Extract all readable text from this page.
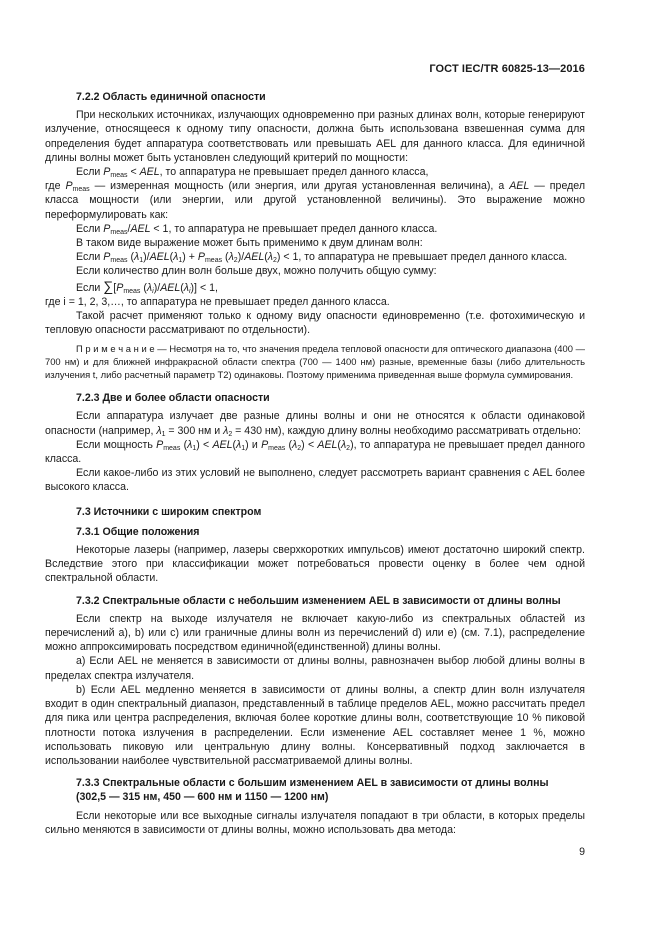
ГОСТ IEC/TR 60825-13—2016

7.2.2 Область единичной опасности

При нескольких источниках, излучающих одновременно при разных длинах волн, которые генерируют излучение, относящееся к одному типу опасности, должна быть использована взвешенная сумма для определения будет аппаратура соответствовать или превышать AEL для данного класса. Для единичной длины волны может быть установлен следующий критерий по мощности:

Если $P_{meas}$ < AEL, то аппаратура не превышает предел данного класса,

где $P_{meas}$ — измеренная мощность (или энергия, или другая установленная величина), а AEL — предел класса мощности (или энергии, или другой установленной величины). Это выражение можно переформулировать как:

Если $P_{meas}$/AEL < 1, то аппаратура не превышает предел данного класса.

В таком виде выражение может быть применимо к двум длинам волн:

Если $P_{meas}$ $(\lambda_1)/AEL(\lambda_1) + P_{meas}$ $(\lambda_2)/AEL(\lambda_2) < 1$, то аппаратура не превышает предел данного класса.

Если количество длин волн больше двух, можно получить общую сумму:

Если $\sum[P_{meas}$ $(\lambda_i)/AEL(\lambda_i)] < 1$,

где i = 1, 2, 3,…, то аппаратура не превышает предел данного класса.

Такой расчет применяют только к одному виду опасности единовременно (т.е. фотохимическую и тепловую опасности рассматривают по отдельности).

П р и м е ч а н и е — Несмотря на то, что значения предела тепловой опасности для оптического диапазона (400 — 700 нм) и для ближней инфракрасной области спектра (700 — 1400 нм) разные, временные базы (либо длительность излучения t, либо расчетный параметр T2) одинаковы. Поэтому применима приведенная выше формула суммирования.

7.2.3 Две и более области опасности

Если аппаратура излучает две разные длины волны и они не относятся к области одинаковой опасности (например, $\lambda_1 = 300$ нм и $\lambda_2 = 430$ нм), каждую длину волны необходимо рассматривать отдельно:

Если мощность $P_{meas}$ $(\lambda_1) < AEL(\lambda_1)$ и $P_{meas}$ $(\lambda_2) < AEL(\lambda_2)$, то аппаратура не превышает предел данного класса.

Если какое-либо из этих условий не выполнено, следует рассмотреть вариант сравнения с AEL более высокого класса.

7.3 Источники с широким спектром

7.3.1 Общие положения

Некоторые лазеры (например, лазеры сверхкоротких импульсов) имеют достаточно широкий спектр. Вследствие этого при классификации может потребоваться провести оценку в более чем одной спектральной области.

7.3.2 Спектральные области с небольшим изменением AEL в зависимости от длины волны

Если спектр на выходе излучателя не включает какую-либо из спектральных областей из перечислений а), b) или с) или граничные длины волн из перечислений d) или е) (см. 7.1), распределение можно аппроксимировать посредством единичной(единственной) длины волны.

а) Если AEL не меняется в зависимости от длины волны, равнозначен выбор любой длины волны в пределах спектра излучателя.

b) Если AEL медленно меняется в зависимости от длины волны, а спектр длин волн излучателя входит в один спектральный диапазон, представленный в таблице пределов AEL, можно рассчитать предел для пика или центра распределения, включая более короткие длины волн, соответствующие 10 % пиковой плотности потока излучения в распределении. Если изменение AEL составляет менее 1 %, можно использовать пиковую или центральную длину волны. Консервативный подход заключается в использовании наиболее чувствительной рассматриваемой длины волны.

7.3.3 Спектральные области с большим изменением AEL в зависимости от длины волны

(302,5 — 315 нм, 450 — 600 нм и 1150 — 1200 нм)

Если некоторые или все выходные сигналы излучателя попадают в три области, в которых пределы сильно меняются в зависимости от длины волны, можно использовать два метода:

9
